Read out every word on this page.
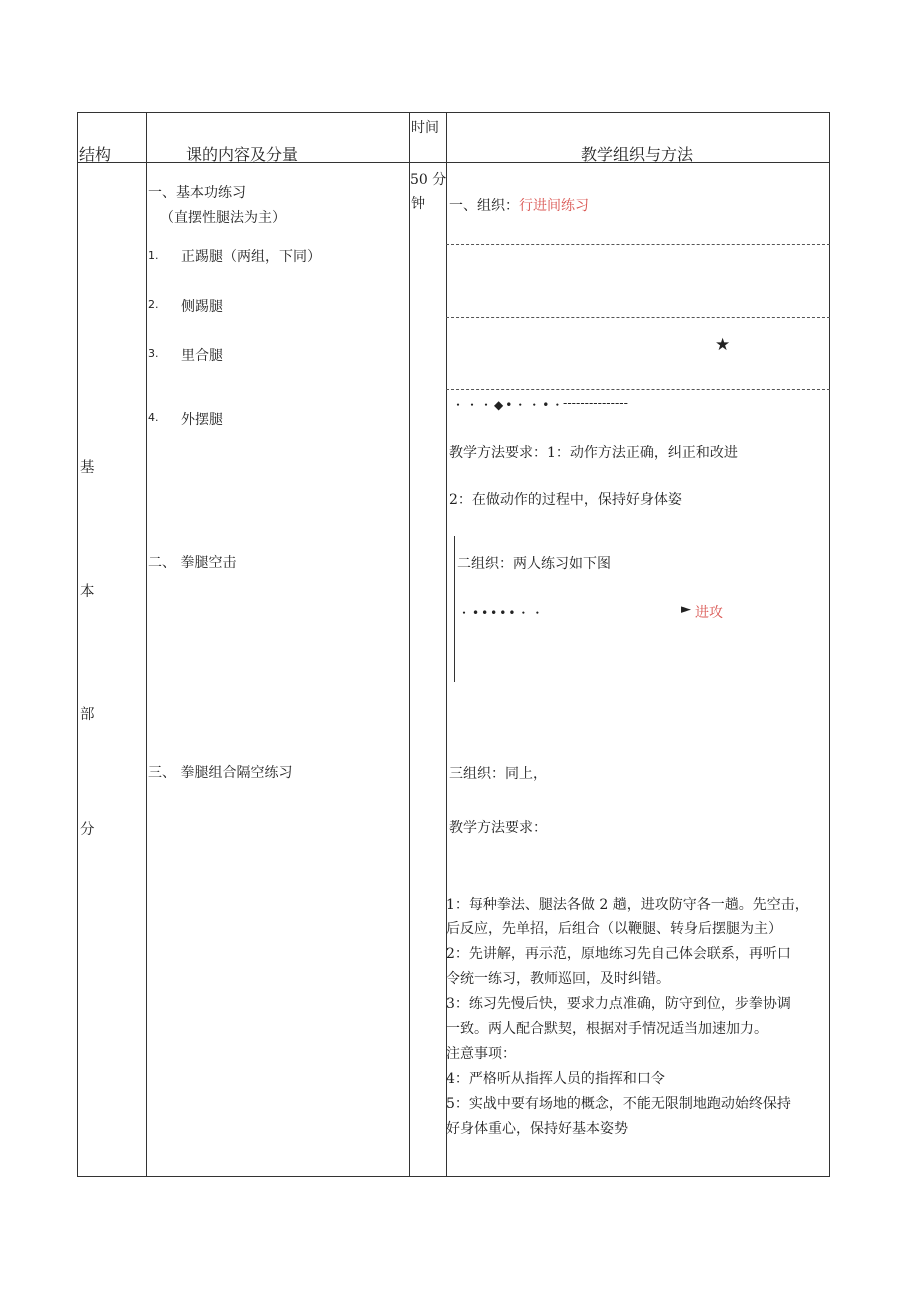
结构	课的内容及分量
时间
教学组织与方法
基
本
部
分
50 分
钟
一、基本功练习
（直摆性腿法为主）
1. 正踢腿（两组，下同）
2. 侧踢腿
3. 里合腿
4. 外摆腿
二、 拳腿空击
三、 拳腿组合隔空练习
一、组织：行进间练习
★
・・・◆•・・•・
---------------
教学方法要求：1：动作方法正确，纠正和改进
2：在做动作的过程中，保持好身体姿
二组织：两人练习如下图
・•••••・・	► 进攻
三组织：同上，
教学方法要求：
1：每种拳法、腿法各做 2 趟，进攻防守各一趟。先空击，
后反应，先单招，后组合（以鞭腿、转身后摆腿为主）
2：先讲解，再示范，原地练习先自己体会联系，再听口
令统一练习，教师巡回，及时纠错。
3：练习先慢后快，要求力点准确，防守到位，步拳协调
一致。两人配合默契，根据对手情况适当加速加力。
注意事项：
4：严格听从指挥人员的指挥和口令
5：实战中要有场地的概念，不能无限制地跑动始终保持
好身体重心，保持好基本姿势
